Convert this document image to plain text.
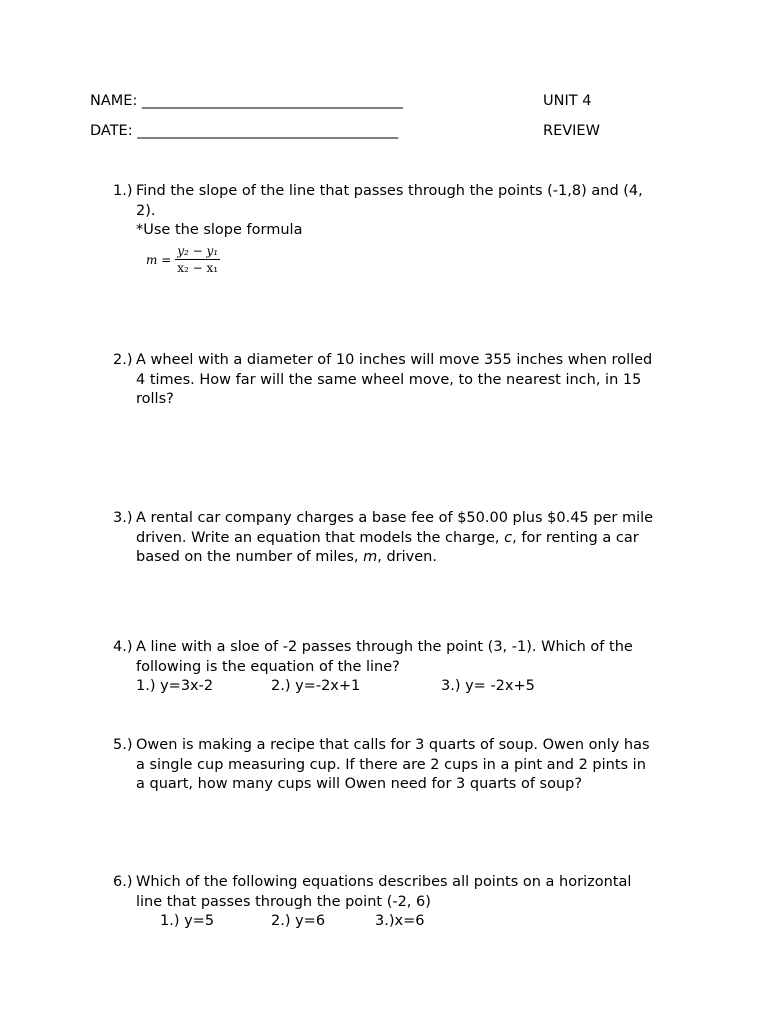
NAME: ____________________________________
DATE: ____________________________________
UNIT 4
REVIEW
1.) Find the slope of the line that passes through the points (-1,8) and (4,
2).
*Use the slope formula
$m = \frac{\text{y₂ − y₁}}{\text{x₂ − x₁}}$
2.) A wheel with a diameter of 10 inches will move 355 inches when rolled
4 times. How far will the same wheel move, to the nearest inch, in 15
rolls?
3.) A rental car company charges a base fee of $50.00 plus $0.45 per mile
driven. Write an equation that models the charge, c, for renting a car
based on the number of miles, m, driven.
4.) A line with a sloe of -2 passes through the point (3, -1). Which of the
following is the equation of the line?
1.) y=3x-2	2.) y=-2x+1	3.) y= -2x+5
5.) Owen is making a recipe that calls for 3 quarts of soup. Owen only has
a single cup measuring cup. If there are 2 cups in a pint and 2 pints in
a quart, how many cups will Owen need for 3 quarts of soup?
6.) Which of the following equations describes all points on a horizontal
line that passes through the point (-2, 6)
1.) y=5	2.) y=6	3.)x=6
